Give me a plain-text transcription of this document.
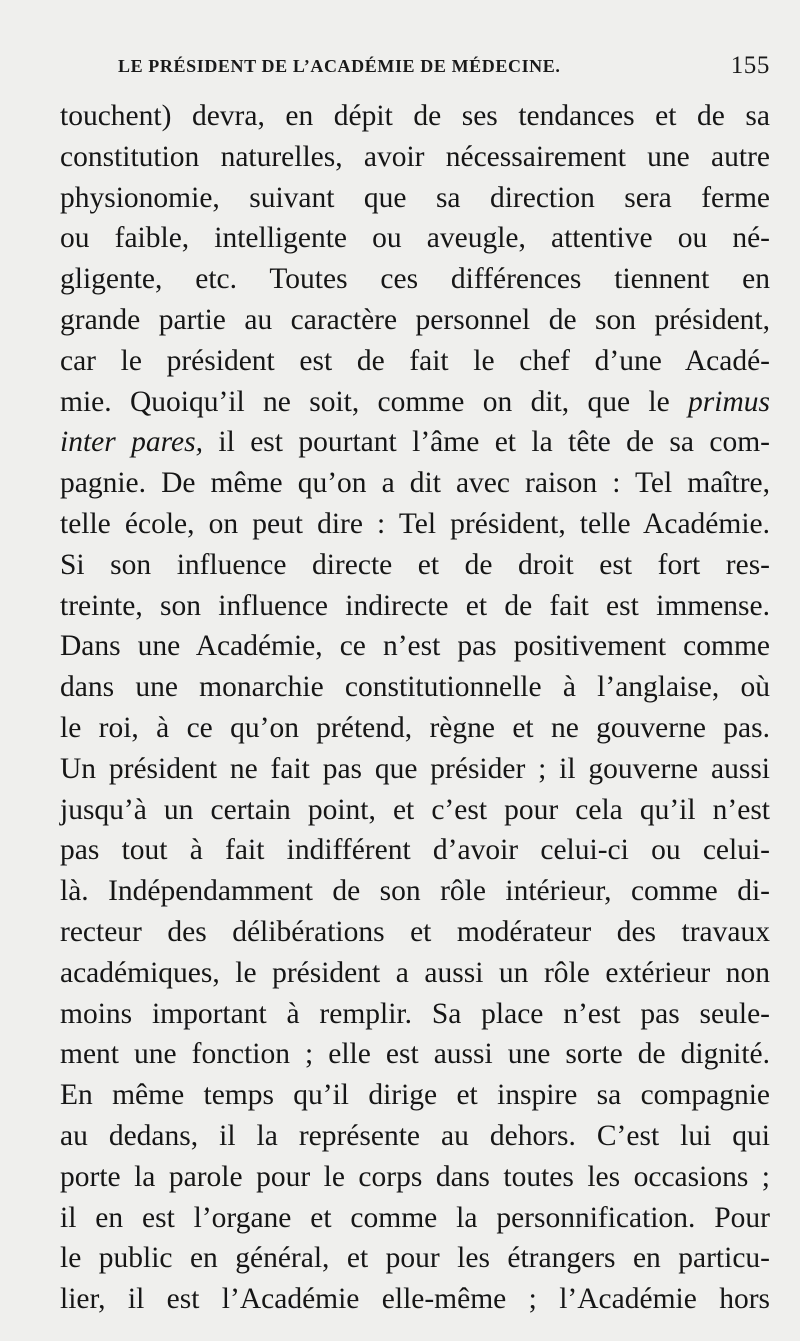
LE PRÉSIDENT DE L’ACADÉMIE DE MÉDECINE.	155
touchent) devra, en dépit de ses tendances et de sa
constitution naturelles, avoir nécessairement une autre
physionomie, suivant que sa direction sera ferme
ou faible, intelligente ou aveugle, attentive ou né-
gligente, etc. Toutes ces différences tiennent en
grande partie au caractère personnel de son président,
car le président est de fait le chef d’une Acadé-
mie. Quoiqu’il ne soit, comme on dit, que le primus
inter pares, il est pourtant l’âme et la tête de sa com-
pagnie. De même qu’on a dit avec raison : Tel maître,
telle école, on peut dire : Tel président, telle Académie.
Si son influence directe et de droit est fort res-
treinte, son influence indirecte et de fait est immense.
Dans une Académie, ce n’est pas positivement comme
dans une monarchie constitutionnelle à l’anglaise, où
le roi, à ce qu’on prétend, règne et ne gouverne pas.
Un président ne fait pas que présider ; il gouverne aussi
jusqu’à un certain point, et c’est pour cela qu’il n’est
pas tout à fait indifférent d’avoir celui-ci ou celui-
là. Indépendamment de son rôle intérieur, comme di-
recteur des délibérations et modérateur des travaux
académiques, le président a aussi un rôle extérieur non
moins important à remplir. Sa place n’est pas seule-
ment une fonction ; elle est aussi une sorte de dignité.
En même temps qu’il dirige et inspire sa compagnie
au dedans, il la représente au dehors. C’est lui qui
porte la parole pour le corps dans toutes les occasions ;
il en est l’organe et comme la personnification. Pour
le public en général, et pour les étrangers en particu-
lier, il est l’Académie elle-même ; l’Académie hors
